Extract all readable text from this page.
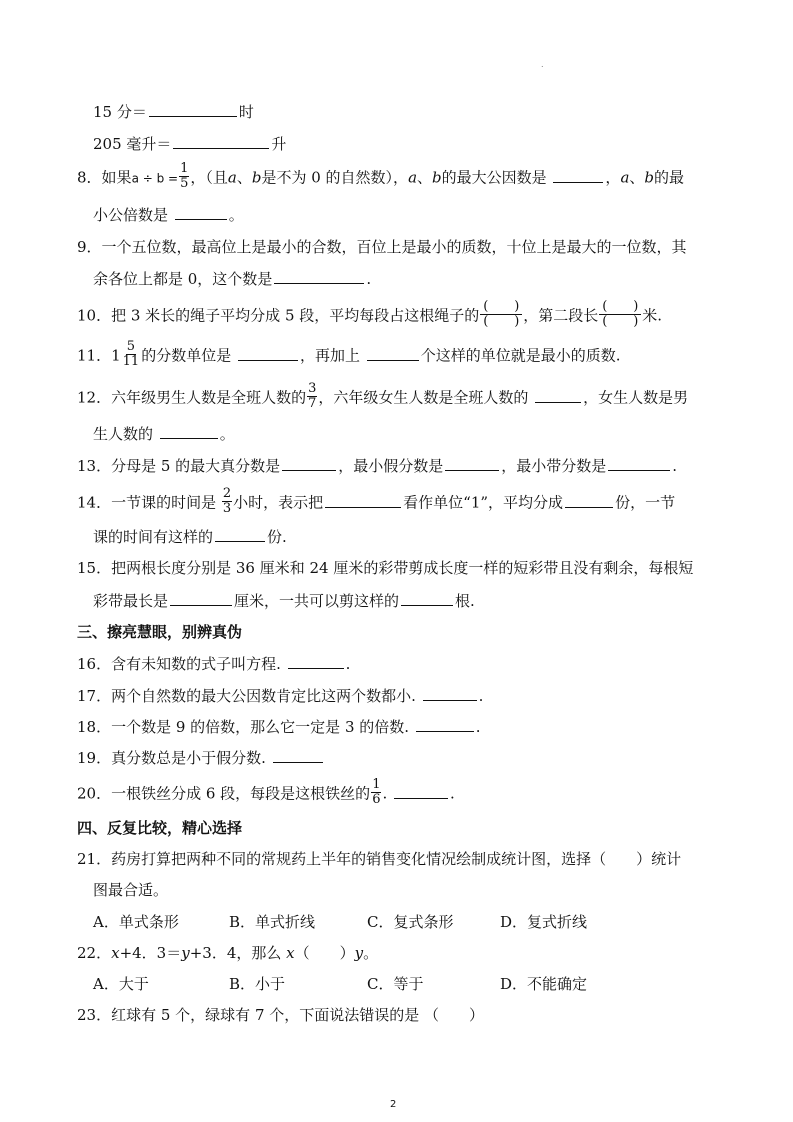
.
15 分＝	时
205 毫升＝	升
8．如果$a \div b = \frac{1}{5}$ ，（且a、b是不为 0 的自然数），a、b的最大公因数是	，a、b的最
小公倍数是	。
9．一个五位数，最高位上是最小的合数，百位上是最小的质数，十位上是最大的一位数，其
余各位上都是 0，这个数是	.
10．把 3 米长的绳子平均分成 5 段，平均每段占这根绳子的 $\frac{( )}{( )}$ ，第二段长 $\frac{( )}{( )}$ 米.
11．$1 \frac{5}{11}$ 的分数单位是	，再加上	个这样的单位就是最小的质数.
12．六年级男生人数是全班人数的 $\frac{3}{7}$ ，六年级女生人数是全班人数的	，女生人数是男
生人数的	。
13．分母是 5 的最大真分数是	，最小假分数是	，最小带分数是	.
14．一节课的时间是 $\frac{2}{3}$ 小时，表示把	看作单位“1”，平均分成	份，一节
课的时间有这样的	份.
15．把两根长度分别是 36 厘米和 24 厘米的彩带剪成长度一样的短彩带且没有剩余，每根短
彩带最长是	厘米，一共可以剪这样的	根.
三、擦亮慧眼，别辨真伪
16．含有未知数的式子叫方程.	.
17．两个自然数的最大公因数肯定比这两个数都小.	.
18．一个数是 9 的倍数，那么它一定是 3 的倍数.	.
19．真分数总是小于假分数.
20．一根铁丝分成 6 段，每段是这根铁丝的 $\frac{1}{6}$ .	.
四、反复比较，精心选择
21．药房打算把两种不同的常规药上半年的销售变化情况绘制成统计图，选择（　　）统计
图最合适。
A．单式条形	B．单式折线	C．复式条形	D．复式折线
22．x+4．3＝y+3．4，那么 x（　　）y。
A．大于	B．小于	C．等于	D．不能确定
23．红球有 5 个，绿球有 7 个，下面说法错误的是 （　　）
2
